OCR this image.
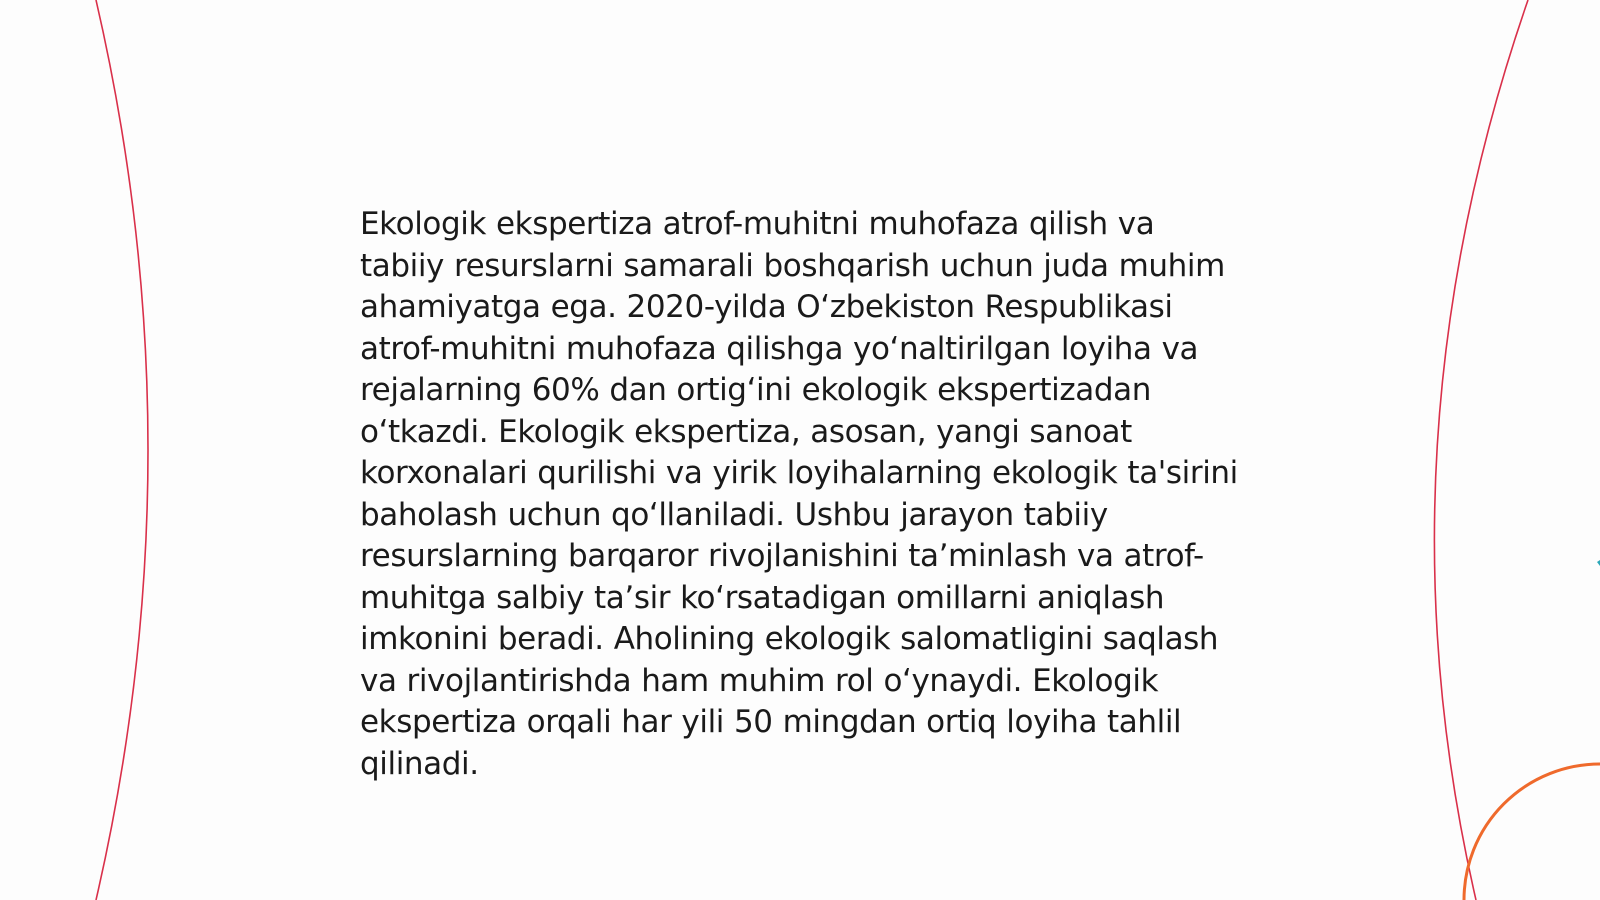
Ekologik ekspertiza atrof-muhitni muhofaza qilish va tabiiy resurslarni samarali boshqarish uchun juda muhim ahamiyatga ega. 2020-yilda O‘zbekiston Respublikasi atrof-muhitni muhofaza qilishga yo‘naltirilgan loyiha va rejalarning 60% dan ortig‘ini ekologik ekspertizadan o‘tkazdi. Ekologik ekspertiza, asosan, yangi sanoat korxonalari qurilishi va yirik loyihalarning ekologik ta'sirini baholash uchun qo‘llaniladi. Ushbu jarayon tabiiy resurslarning barqaror rivojlanishini ta’minlash va atrof-muhitga salbiy ta’sir ko‘rsatadigan omillarni aniqlash imkonini beradi. Aholining ekologik salomatligini saqlash va rivojlantirishda ham muhim rol o‘ynaydi. Ekologik ekspertiza orqali har yili 50 mingdan ortiq loyiha tahlil qilinadi.
